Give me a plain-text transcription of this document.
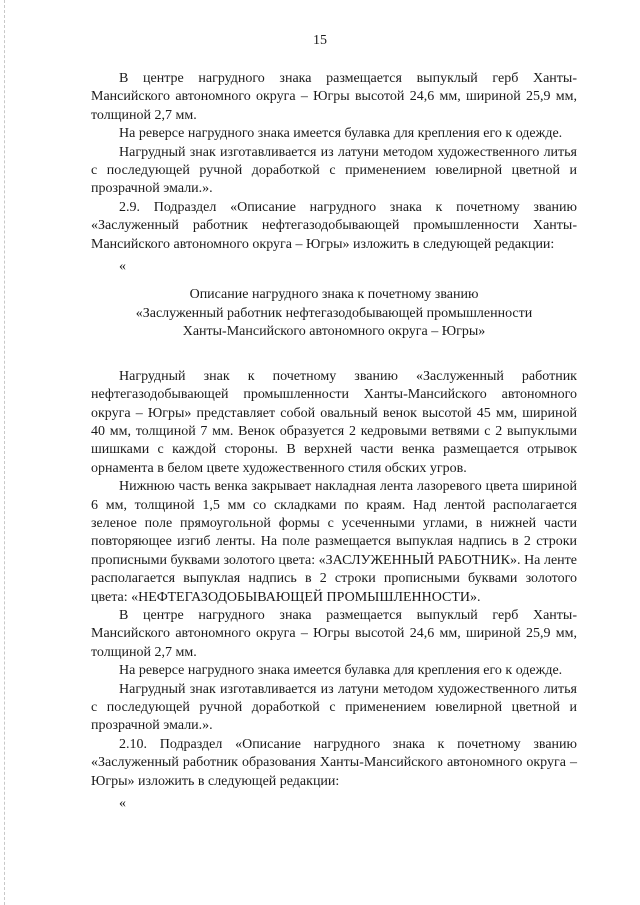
15

В центре нагрудного знака размещается выпуклый герб Ханты-Мансийского автономного округа – Югры высотой 24,6 мм, шириной 25,9 мм, толщиной 2,7 мм.

На реверсе нагрудного знака имеется булавка для крепления его к одежде.

Нагрудный знак изготавливается из латуни методом художественного литья с последующей ручной доработкой с применением ювелирной цветной и прозрачной эмали.».

2.9. Подраздел «Описание нагрудного знака к почетному званию «Заслуженный работник нефтегазодобывающей промышленности Ханты-Мансийского автономного округа – Югры» изложить в следующей редакции:

«

Описание нагрудного знака к почетному званию
«Заслуженный работник нефтегазодобывающей промышленности
Ханты-Мансийского автономного округа – Югры»

Нагрудный знак к почетному званию «Заслуженный работник нефтегазодобывающей промышленности Ханты-Мансийского автономного округа – Югры» представляет собой овальный венок высотой 45 мм, шириной 40 мм, толщиной 7 мм. Венок образуется 2 кедровыми ветвями с 2 выпуклыми шишками с каждой стороны. В верхней части венка размещается отрывок орнамента в белом цвете художественного стиля обских угров.

Нижнюю часть венка закрывает накладная лента лазоревого цвета шириной 6 мм, толщиной 1,5 мм со складками по краям. Над лентой располагается зеленое поле прямоугольной формы с усеченными углами, в нижней части повторяющее изгиб ленты. На поле размещается выпуклая надпись в 2 строки прописными буквами золотого цвета: «ЗАСЛУЖЕННЫЙ РАБОТНИК». На ленте располагается выпуклая надпись в 2 строки прописными буквами золотого цвета: «НЕФТЕГАЗОДОБЫВАЮЩЕЙ ПРОМЫШЛЕННОСТИ».

В центре нагрудного знака размещается выпуклый герб Ханты-Мансийского автономного округа – Югры высотой 24,6 мм, шириной 25,9 мм, толщиной 2,7 мм.

На реверсе нагрудного знака имеется булавка для крепления его к одежде.

Нагрудный знак изготавливается из латуни методом художественного литья с последующей ручной доработкой с применением ювелирной цветной и прозрачной эмали.».

2.10. Подраздел «Описание нагрудного знака к почетному званию «Заслуженный работник образования Ханты-Мансийского автономного округа – Югры» изложить в следующей редакции:

«
